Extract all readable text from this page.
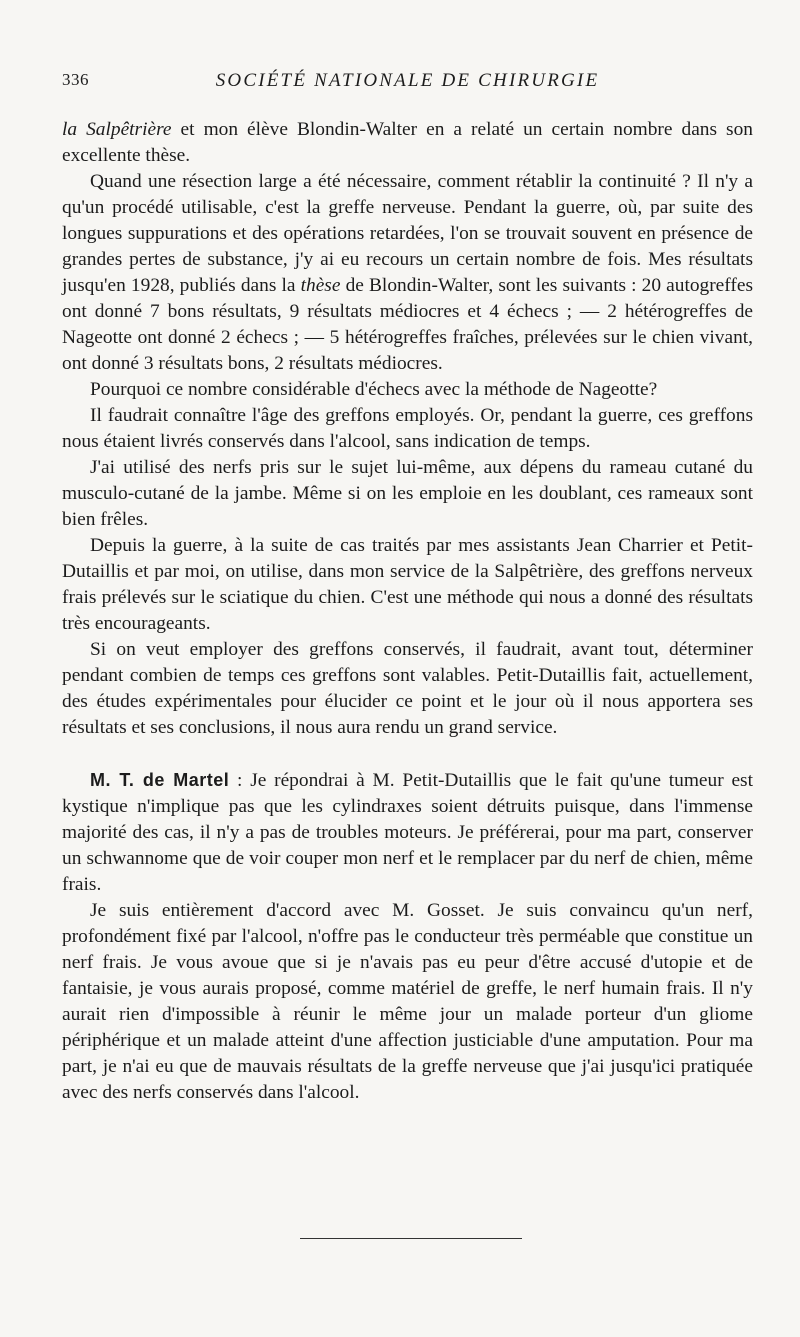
336	SOCIÉTÉ NATIONALE DE CHIRURGIE

la Salpêtrière et mon élève Blondin-Walter en a relaté un certain nombre dans son excellente thèse.

Quand une résection large a été nécessaire, comment rétablir la continuité ? Il n'y a qu'un procédé utilisable, c'est la greffe nerveuse. Pendant la guerre, où, par suite des longues suppurations et des opérations retardées, l'on se trouvait souvent en présence de grandes pertes de substance, j'y ai eu recours un certain nombre de fois. Mes résultats jusqu'en 1928, publiés dans la thèse de Blondin-Walter, sont les suivants : 20 autogreffes ont donné 7 bons résultats, 9 résultats médiocres et 4 échecs ; — 2 hétérogreffes de Nageotte ont donné 2 échecs ; — 5 hétérogreffes fraîches, prélevées sur le chien vivant, ont donné 3 résultats bons, 2 résultats médiocres.

Pourquoi ce nombre considérable d'échecs avec la méthode de Nageotte?

Il faudrait connaître l'âge des greffons employés. Or, pendant la guerre, ces greffons nous étaient livrés conservés dans l'alcool, sans indication de temps.

J'ai utilisé des nerfs pris sur le sujet lui-même, aux dépens du rameau cutané du musculo-cutané de la jambe. Même si on les emploie en les doublant, ces rameaux sont bien frêles.

Depuis la guerre, à la suite de cas traités par mes assistants Jean Charrier et Petit-Dutaillis et par moi, on utilise, dans mon service de la Salpêtrière, des greffons nerveux frais prélevés sur le sciatique du chien. C'est une méthode qui nous a donné des résultats très encourageants.

Si on veut employer des greffons conservés, il faudrait, avant tout, déterminer pendant combien de temps ces greffons sont valables. Petit-Dutaillis fait, actuellement, des études expérimentales pour élucider ce point et le jour où il nous apportera ses résultats et ses conclusions, il nous aura rendu un grand service.

M. T. de Martel : Je répondrai à M. Petit-Dutaillis que le fait qu'une tumeur est kystique n'implique pas que les cylindraxes soient détruits puisque, dans l'immense majorité des cas, il n'y a pas de troubles moteurs. Je préférerai, pour ma part, conserver un schwannome que de voir couper mon nerf et le remplacer par du nerf de chien, même frais.

Je suis entièrement d'accord avec M. Gosset. Je suis convaincu qu'un nerf, profondément fixé par l'alcool, n'offre pas le conducteur très perméable que constitue un nerf frais. Je vous avoue que si je n'avais pas eu peur d'être accusé d'utopie et de fantaisie, je vous aurais proposé, comme matériel de greffe, le nerf humain frais. Il n'y aurait rien d'impossible à réunir le même jour un malade porteur d'un gliome périphérique et un malade atteint d'une affection justiciable d'une amputation. Pour ma part, je n'ai eu que de mauvais résultats de la greffe nerveuse que j'ai jusqu'ici pratiquée avec des nerfs conservés dans l'alcool.
